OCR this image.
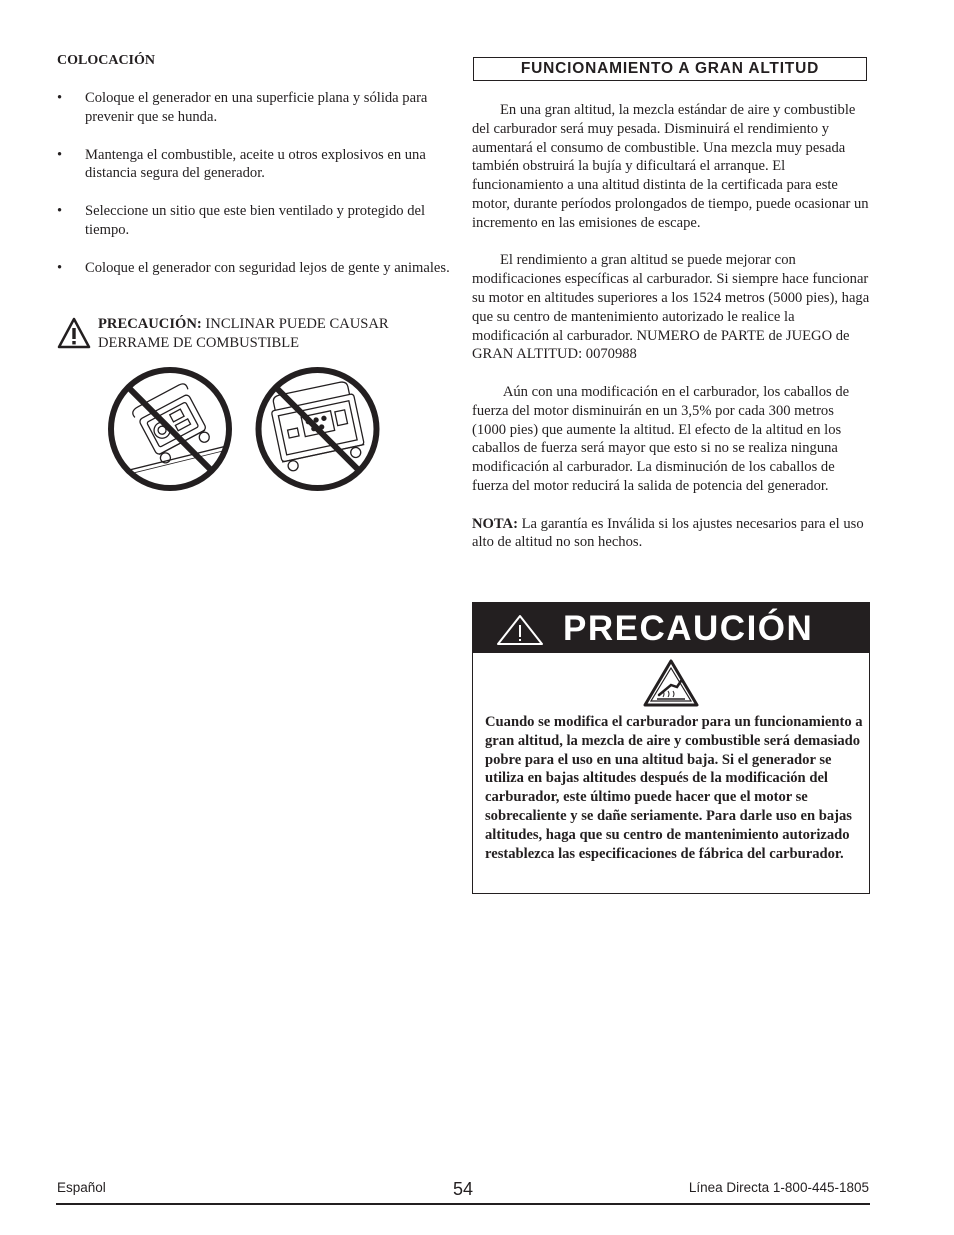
COLOCACIÓN
• Coloque el generador en una superficie plana y sólida para prevenir que se hunda.
• Mantenga el combustible, aceite u otros explosivos en una distancia segura del generador.
• Seleccione un sitio que este bien ventilado y protegido del tiempo.
• Coloque el generador con seguridad lejos de gente y animales.
PRECAUCIÓN: INCLINAR PUEDE CAUSAR DERRAME DE COMBUSTIBLE
FUNCIONAMIENTO A GRAN ALTITUD

En una gran altitud, la mezcla estándar de aire y combustible del carburador será muy pesada. Disminuirá el rendimiento y aumentará el consumo de combustible. Una mezcla muy pesada también obstruirá la bujía y dificultará el arranque. El funcionamiento a una altitud distinta de la certificada para este motor, durante períodos prolongados de tiempo, puede ocasionar un incremento en las emisiones de escape.

El rendimiento a gran altitud se puede mejorar con modificaciones específicas al carburador. Si siempre hace funcionar su motor en altitudes superiores a los 1524 metros (5000 pies), haga que su centro de mantenimiento autorizado le realice la modificación al carburador. NUMERO de PARTE de JUEGO de GRAN ALTITUD: 0070988

Aún con una modificación en el carburador, los caballos de fuerza del motor disminuirán en un 3,5% por cada 300 metros (1000 pies) que aumente la altitud. El efecto de la altitud en los caballos de fuerza será mayor que esto si no se realiza ninguna modificación al carburador. La disminución de los caballos de fuerza del motor reducirá la salida de potencia del generador.

NOTA: La garantía es Inválida si los ajustes necesarios para el uso alto de altitud no son hechos.

PRECAUCIÓN
Cuando se modifica el carburador para un funcionamiento a gran altitud, la mezcla de aire y combustible será demasiado pobre para el uso en una altitud baja. Si el generador se utiliza en bajas altitudes después de la modificación del carburador, este último puede hacer que el motor se sobrecaliente y se dañe seriamente. Para darle uso en bajas altitudes, haga que su centro de mantenimiento autorizado restablezca las especificaciones de fábrica del carburador.
Español	54	Línea Directa 1-800-445-1805
